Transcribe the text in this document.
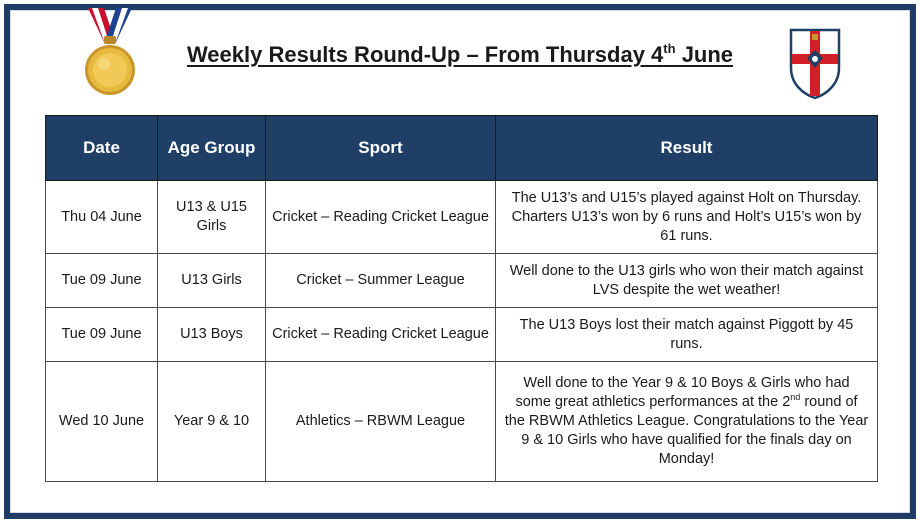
Weekly Results Round-Up – From Thursday 4th June
Date	Age Group	Sport	Result
Thu 04 June	U13 & U15 Girls	Cricket – Reading Cricket League	The U13’s and U15’s played against Holt on Thursday. Charters U13’s won by 6 runs and Holt’s U15’s won by 61 runs.
Tue 09 June	U13 Girls	Cricket – Summer League	Well done to the U13 girls who won their match against LVS despite the wet weather!
Tue 09 June	U13 Boys	Cricket – Reading Cricket League	The U13 Boys lost their match against Piggott by 45 runs.
Wed 10 June	Year 9 & 10	Athletics – RBWM League	Well done to the Year 9 & 10 Boys & Girls who had some great athletics performances at the 2nd round of the RBWM Athletics League. Congratulations to the Year 9 & 10 Girls who have qualified for the finals day on Monday!
